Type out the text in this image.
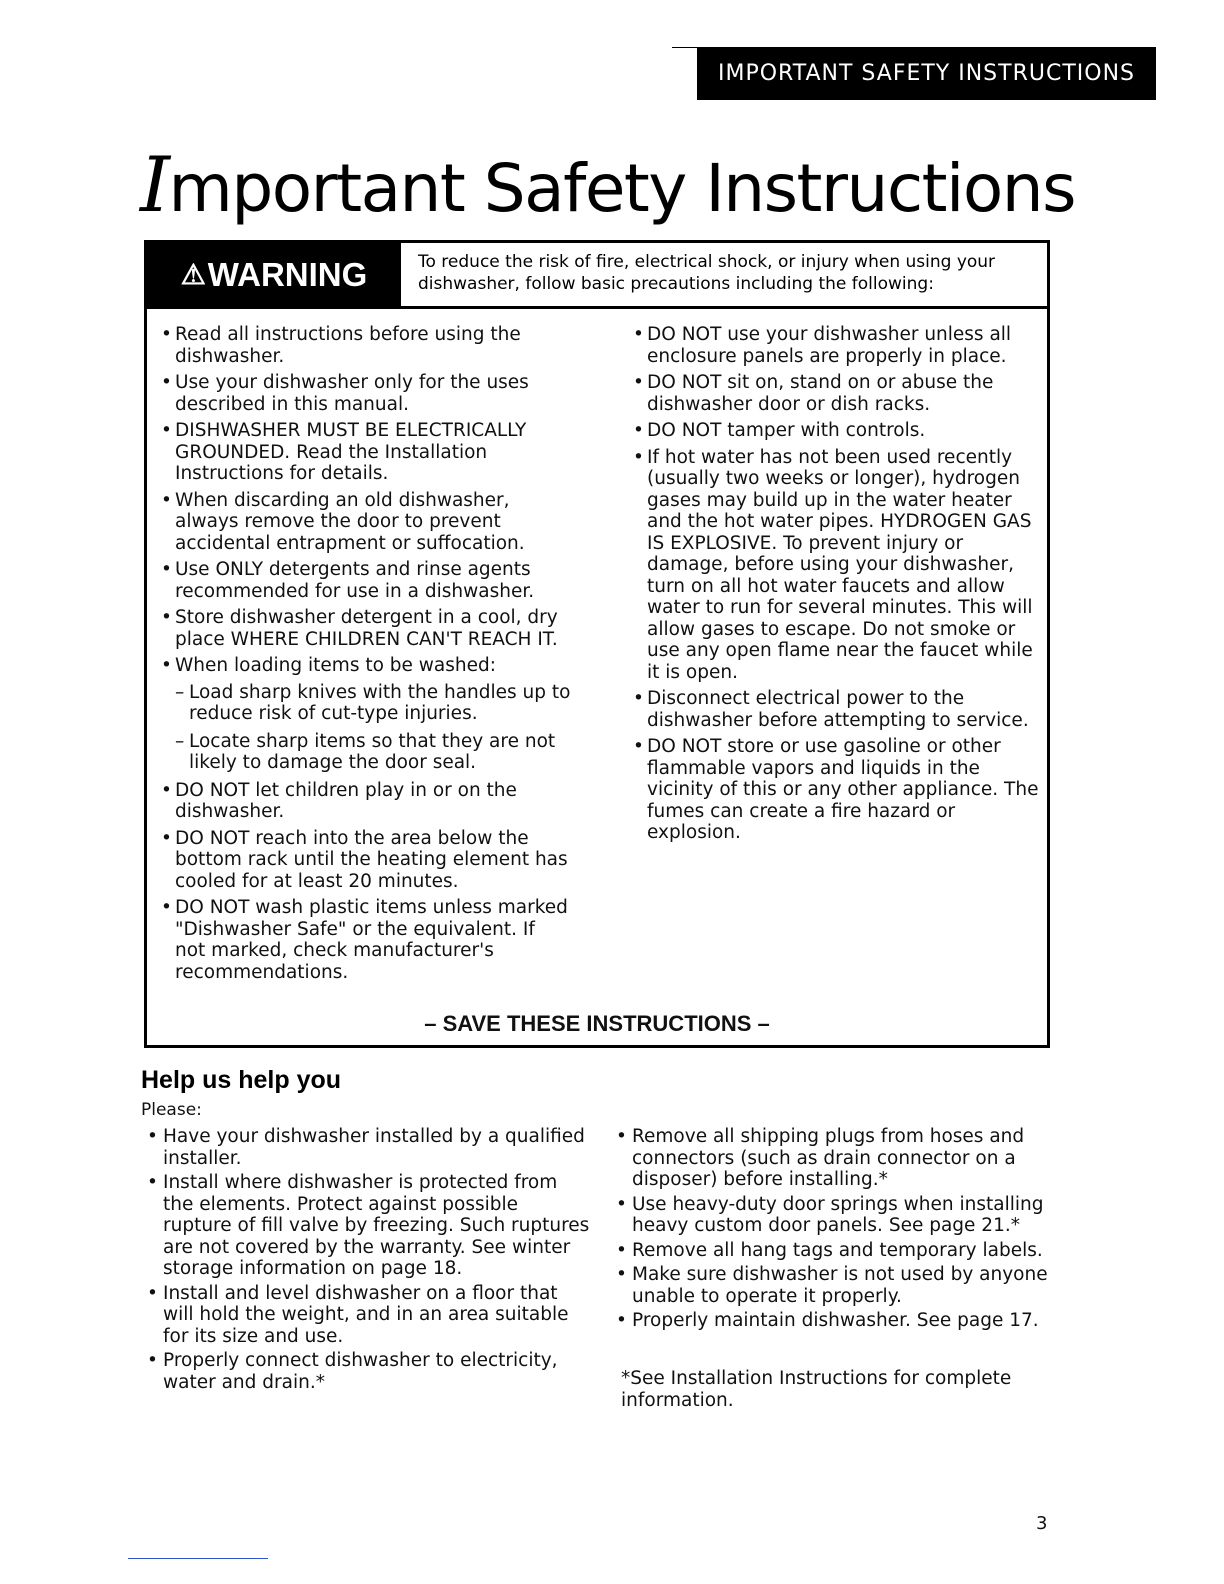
IMPORTANT SAFETY INSTRUCTIONS
Important Safety Instructions
⚠ WARNING	To reduce the risk of fire, electrical shock, or injury when using your dishwasher, follow basic precautions including the following:
• Read all instructions before using the dishwasher.
• Use your dishwasher only for the uses described in this manual.
• DISHWASHER MUST BE ELECTRICALLY GROUNDED. Read the Installation Instructions for details.
• When discarding an old dishwasher, always remove the door to prevent accidental entrapment or suffocation.
• Use ONLY detergents and rinse agents recommended for use in a dishwasher.
• Store dishwasher detergent in a cool, dry place WHERE CHILDREN CAN'T REACH IT.
• When loading items to be washed:
– Load sharp knives with the handles up to reduce risk of cut-type injuries.
– Locate sharp items so that they are not likely to damage the door seal.
• DO NOT let children play in or on the dishwasher.
• DO NOT reach into the area below the bottom rack until the heating element has cooled for at least 20 minutes.
• DO NOT wash plastic items unless marked "Dishwasher Safe" or the equivalent. If not marked, check manufacturer's recommendations.
• DO NOT use your dishwasher unless all enclosure panels are properly in place.
• DO NOT sit on, stand on or abuse the dishwasher door or dish racks.
• DO NOT tamper with controls.
• If hot water has not been used recently (usually two weeks or longer), hydrogen gases may build up in the water heater and the hot water pipes. HYDROGEN GAS IS EXPLOSIVE. To prevent injury or damage, before using your dishwasher, turn on all hot water faucets and allow water to run for several minutes. This will allow gases to escape. Do not smoke or use any open flame near the faucet while it is open.
• Disconnect electrical power to the dishwasher before attempting to service.
• DO NOT store or use gasoline or other flammable vapors and liquids in the vicinity of this or any other appliance. The fumes can create a fire hazard or explosion.
– SAVE THESE INSTRUCTIONS –
Help us help you
Please:
• Have your dishwasher installed by a qualified installer.
• Install where dishwasher is protected from the elements. Protect against possible rupture of fill valve by freezing. Such ruptures are not covered by the warranty. See winter storage information on page 18.
• Install and level dishwasher on a floor that will hold the weight, and in an area suitable for its size and use.
• Properly connect dishwasher to electricity, water and drain.*
• Remove all shipping plugs from hoses and connectors (such as drain connector on a disposer) before installing.*
• Use heavy-duty door springs when installing heavy custom door panels. See page 21.*
• Remove all hang tags and temporary labels.
• Make sure dishwasher is not used by anyone unable to operate it properly.
• Properly maintain dishwasher. See page 17.
*See Installation Instructions for complete information.
3
